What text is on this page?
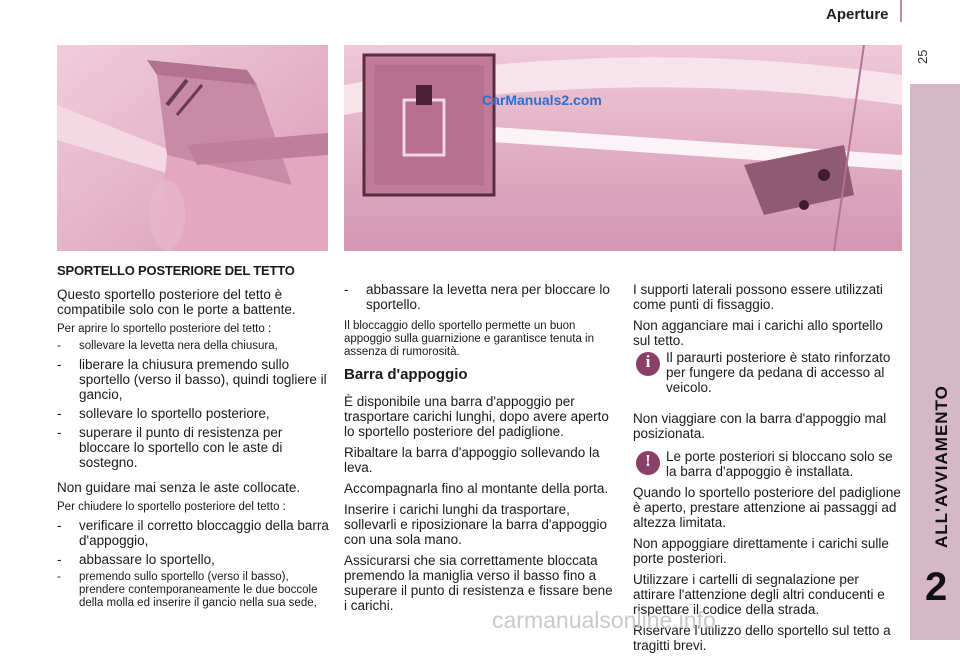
Aperture
25
ALL'AVVIAMENTO
2
CarManuals2.com
SPORTELLO POSTERIORE DEL TETTO

Questo sportello posteriore del tetto è compatibile solo con le porte a battente.

Per aprire lo sportello posteriore del tetto :

- sollevare la levetta nera della chiusura,
- liberare la chiusura premendo sullo sportello (verso il basso), quindi togliere il gancio,
- sollevare lo sportello posteriore,
- superare il punto di resistenza per bloccare lo sportello con le aste di sostegno.

Non guidare mai senza le aste collocate.

Per chiudere lo sportello posteriore del tetto :

- verificare il corretto bloccaggio della barra d'appoggio,
- abbassare lo sportello,
- premendo sullo sportello (verso il basso), prendere contemporaneamente le due boccole della molla ed inserire il gancio nella sua sede,
- abbassare la levetta nera per bloccare lo sportello.

Il bloccaggio dello sportello permette un buon appoggio sulla guarnizione e garantisce tenuta in assenza di rumorosità.

Barra d'appoggio

È disponibile una barra d'appoggio per trasportare carichi lunghi, dopo avere aperto lo sportello posteriore del padiglione.

Ribaltare la barra d'appoggio sollevando la leva.

Accompagnarla fino al montante della porta.

Inserire i carichi lunghi da trasportare, sollevarli e riposizionare la barra d'appoggio con una sola mano.

Assicurarsi che sia correttamente bloccata premendo la maniglia verso il basso fino a superare il punto di resistenza e fissare bene i carichi.

I supporti laterali possono essere utilizzati come punti di fissaggio.

Non agganciare mai i carichi allo sportello sul tetto.

i	Il paraurti posteriore è stato rinforzato per fungere da pedana di accesso al veicolo.

Non viaggiare con la barra d'appoggio mal posizionata.

!	Le porte posteriori si bloccano solo se la barra d'appoggio è installata.

Quando lo sportello posteriore del padiglione è aperto, prestare attenzione ai passaggi ad altezza limitata.

Non appoggiare direttamente i carichi sulle porte posteriori.

Utilizzare i cartelli di segnalazione per attirare l'attenzione degli altri conducenti e rispettare il codice della strada.

Riservare l'utilizzo dello sportello sul tetto a tragitti brevi.

carmanualsonline.info
